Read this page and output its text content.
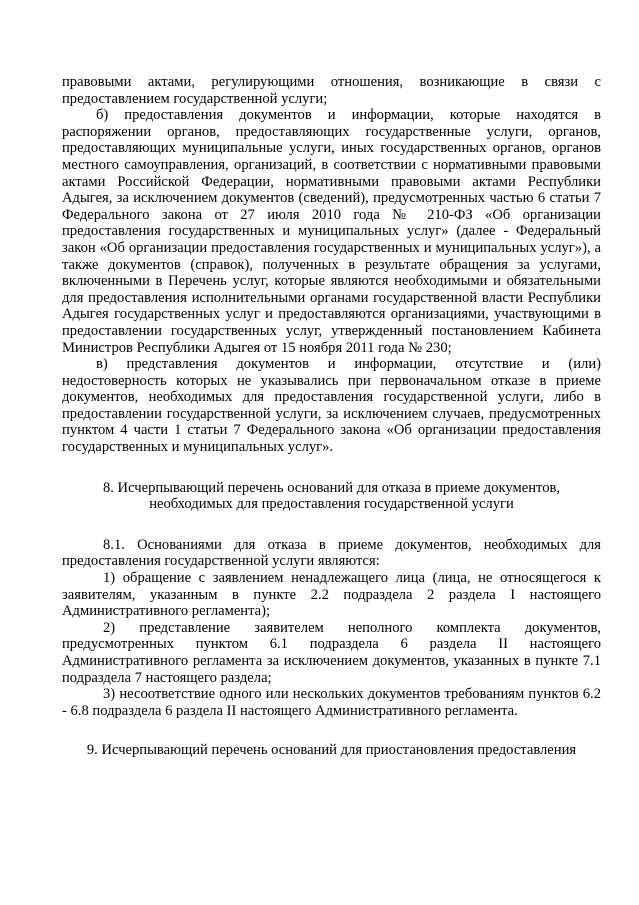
правовыми актами, регулирующими отношения, возникающие в связи с предоставлением государственной услуги;

б) предоставления документов и информации, которые находятся в распоряжении органов, предоставляющих государственные услуги, органов, предоставляющих муниципальные услуги, иных государственных органов, органов местного самоуправления, организаций, в соответствии с нормативными правовыми актами Российской Федерации, нормативными правовыми актами Республики Адыгея, за исключением документов (сведений), предусмотренных частью 6 статьи 7 Федерального закона от 27 июля 2010 года № 210-ФЗ «Об организации предоставления государственных и муниципальных услуг» (далее - Федеральный закон «Об организации предоставления государственных и муниципальных услуг»), а также документов (справок), полученных в результате обращения за услугами, включенными в Перечень услуг, которые являются необходимыми и обязательными для предоставления исполнительными органами государственной власти Республики Адыгея государственных услуг и предоставляются организациями, участвующими в предоставлении государственных услуг, утвержденный постановлением Кабинета Министров Республики Адыгея от 15 ноября 2011 года № 230;

в) представления документов и информации, отсутствие и (или) недостоверность которых не указывались при первоначальном отказе в приеме документов, необходимых для предоставления государственной услуги, либо в предоставлении государственной услуги, за исключением случаев, предусмотренных пунктом 4 части 1 статьи 7 Федерального закона «Об организации предоставления государственных и муниципальных услуг».

8. Исчерпывающий перечень оснований для отказа в приеме документов,

необходимых для предоставления государственной услуги

8.1. Основаниями для отказа в приеме документов, необходимых для предоставления государственной услуги являются:

1) обращение с заявлением ненадлежащего лица (лица, не относящегося к заявителям, указанным в пункте 2.2 подраздела 2 раздела I настоящего Административного регламента);

2) представление заявителем неполного комплекта документов, предусмотренных пунктом 6.1 подраздела 6 раздела II настоящего Административного регламента за исключением документов, указанных в пункте 7.1 подраздела 7 настоящего раздела;

3) несоответствие одного или нескольких документов требованиям пунктов 6.2 - 6.8 подраздела 6 раздела II настоящего Административного регламента.

9. Исчерпывающий перечень оснований для приостановления предоставления
